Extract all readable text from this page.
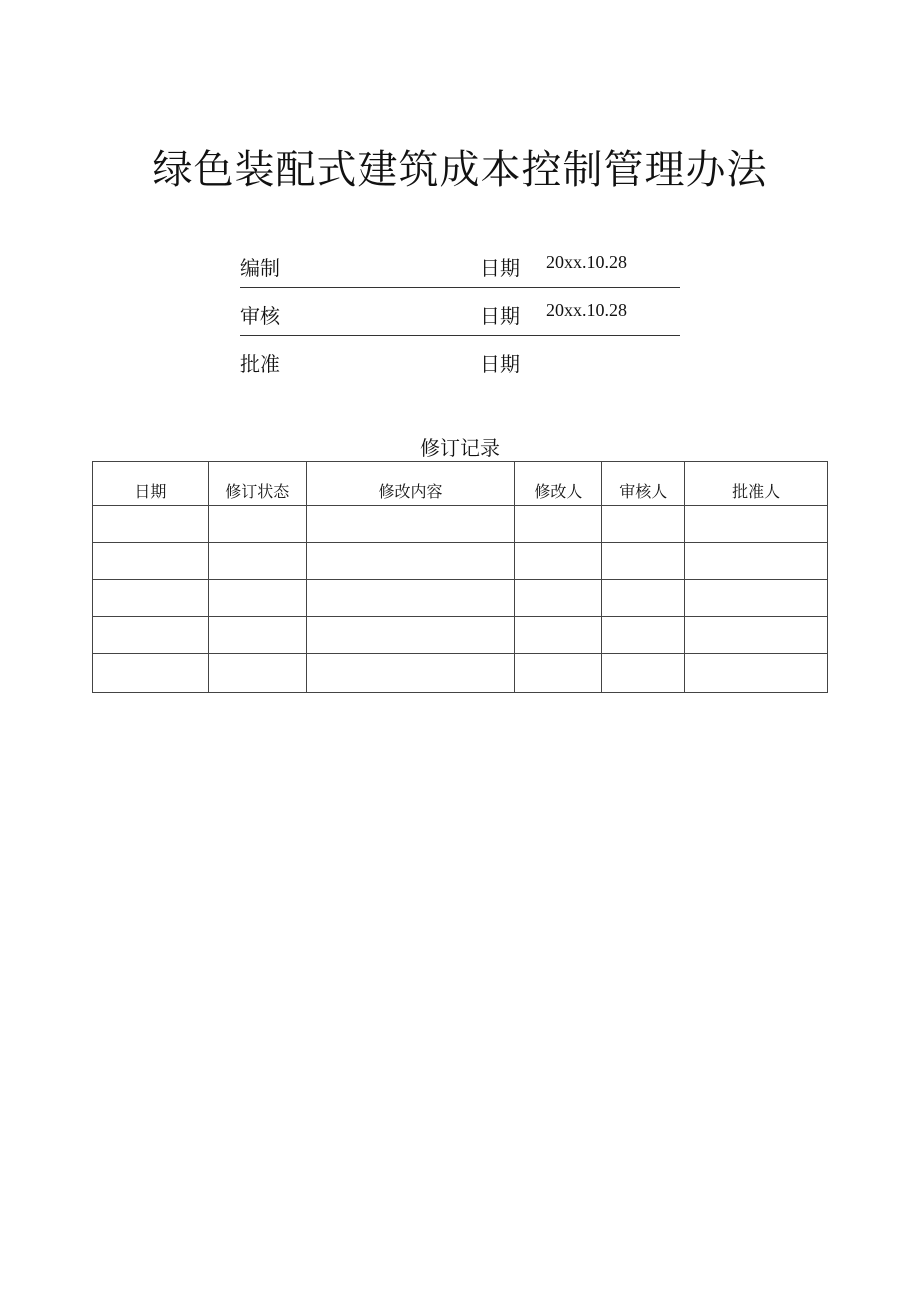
绿色装配式建筑成本控制管理办法
编制	日期 20xx.10.28
审核	日期 20xx.10.28
批准	日期
修订记录
日期	修订状态	修改内容	修改人	审核人	批准人
